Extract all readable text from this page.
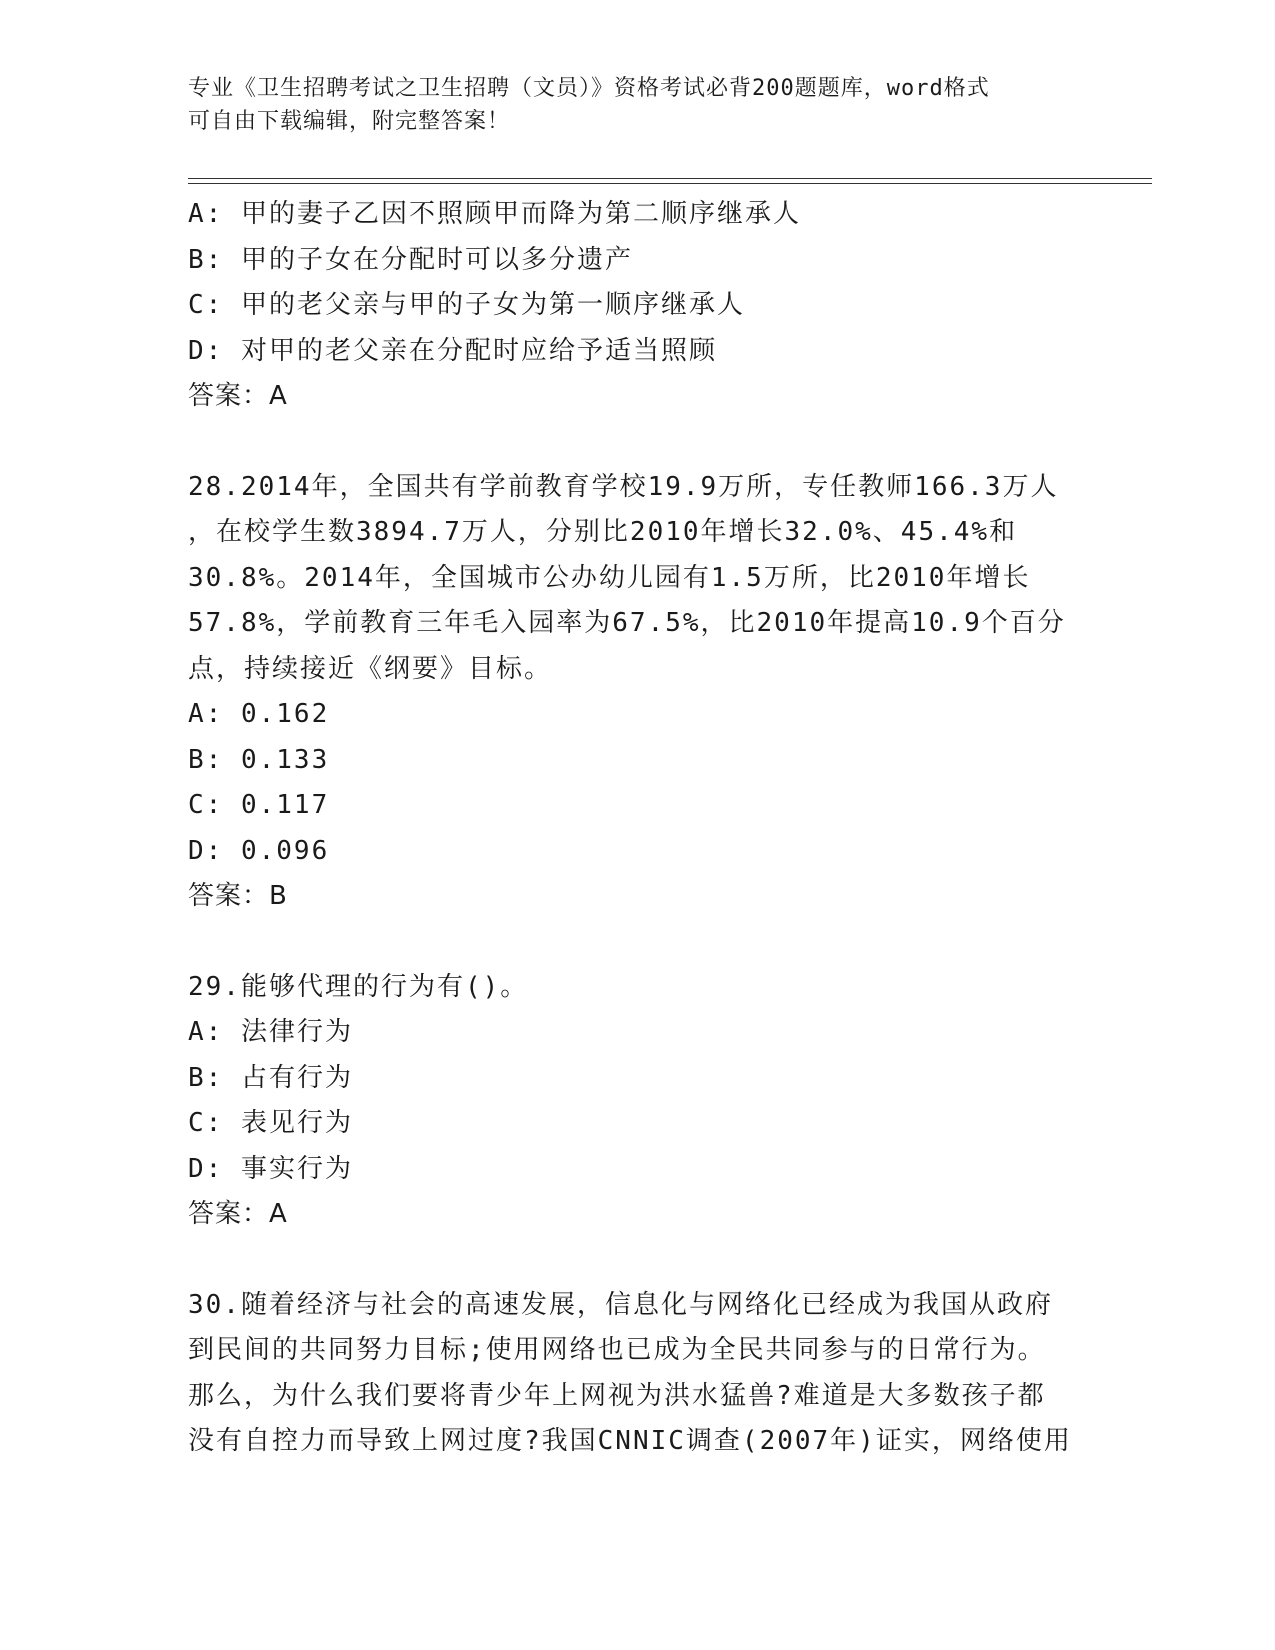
专业《卫生招聘考试之卫生招聘（文员）》资格考试必背200题题库，word格式
可自由下载编辑，附完整答案！
A: 甲的妻子乙因不照顾甲而降为第二顺序继承人
B: 甲的子女在分配时可以多分遗产
C: 甲的老父亲与甲的子女为第一顺序继承人
D: 对甲的老父亲在分配时应给予适当照顾
答案：A
28.2014年，全国共有学前教育学校19.9万所，专任教师166.3万人
，在校学生数3894.7万人，分别比2010年增长32.0%、45.4%和
30.8%。2014年，全国城市公办幼儿园有1.5万所，比2010年增长
57.8%，学前教育三年毛入园率为67.5%，比2010年提高10.9个百分
点，持续接近《纲要》目标。
A: 0.162
B: 0.133
C: 0.117
D: 0.096
答案：B
29.能够代理的行为有()。
A: 法律行为
B: 占有行为
C: 表见行为
D: 事实行为
答案：A
30.随着经济与社会的高速发展，信息化与网络化已经成为我国从政府
到民间的共同努力目标;使用网络也已成为全民共同参与的日常行为。
那么，为什么我们要将青少年上网视为洪水猛兽?难道是大多数孩子都
没有自控力而导致上网过度?我国CNNIC调查(2007年)证实，网络使用
